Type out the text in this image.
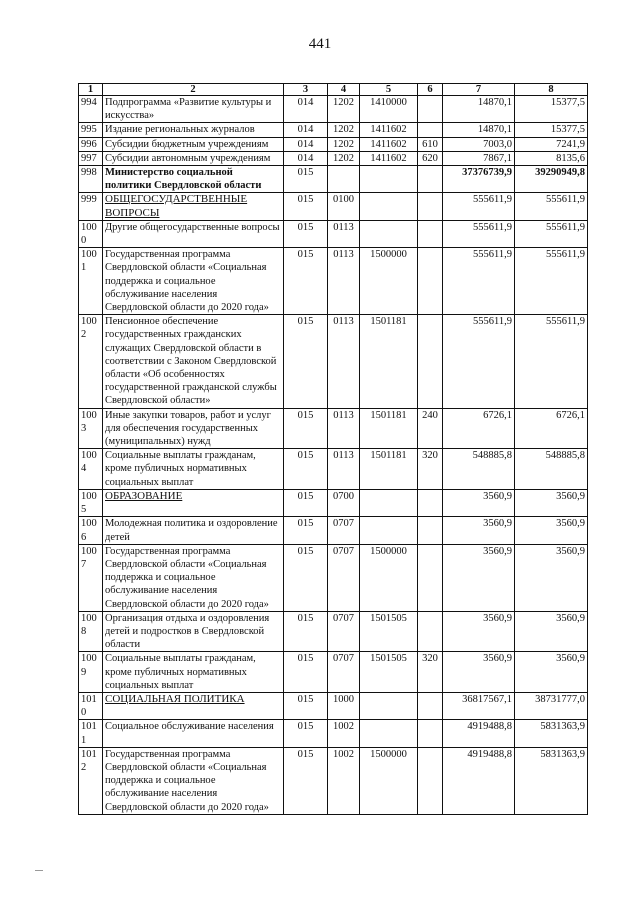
441
1	2	3	4	5	6	7	8
994	Подпрограмма «Развитие культуры и искусства»	014	1202	1410000		14870,1	15377,5
995	Издание региональных журналов	014	1202	1411602		14870,1	15377,5
996	Субсидии бюджетным учреждениям	014	1202	1411602	610	7003,0	7241,9
997	Субсидии автономным учреждениям	014	1202	1411602	620	7867,1	8135,6
998	Министерство социальной политики Свердловской области	015				37376739,9	39290949,8
999	ОБЩЕГОСУДАРСТВЕННЫЕ ВОПРОСЫ	015	0100			555611,9	555611,9
1000	Другие общегосударственные вопросы	015	0113			555611,9	555611,9
1001	Государственная программа Свердловской области «Социальная поддержка и социальное обслуживание населения Свердловской области до 2020 года»	015	0113	1500000		555611,9	555611,9
1002	Пенсионное обеспечение государственных гражданских служащих Свердловской области в соответствии с Законом Свердловской области «Об особенностях государственной гражданской службы Свердловской области»	015	0113	1501181		555611,9	555611,9
1003	Иные закупки товаров, работ и услуг для обеспечения государственных (муниципальных) нужд	015	0113	1501181	240	6726,1	6726,1
1004	Социальные выплаты гражданам, кроме публичных нормативных социальных выплат	015	0113	1501181	320	548885,8	548885,8
1005	ОБРАЗОВАНИЕ	015	0700			3560,9	3560,9
1006	Молодежная политика и оздоровление детей	015	0707			3560,9	3560,9
1007	Государственная программа Свердловской области «Социальная поддержка и социальное обслуживание населения Свердловской области до 2020 года»	015	0707	1500000		3560,9	3560,9
1008	Организация отдыха и оздоровления детей и подростков в Свердловской области	015	0707	1501505		3560,9	3560,9
1009	Социальные выплаты гражданам, кроме публичных нормативных социальных выплат	015	0707	1501505	320	3560,9	3560,9
1010	СОЦИАЛЬНАЯ ПОЛИТИКА	015	1000			36817567,1	38731777,0
1011	Социальное обслуживание населения	015	1002			4919488,8	5831363,9
1012	Государственная программа Свердловской области «Социальная поддержка и социальное обслуживание населения Свердловской области до 2020 года»	015	1002	1500000		4919488,8	5831363,9
